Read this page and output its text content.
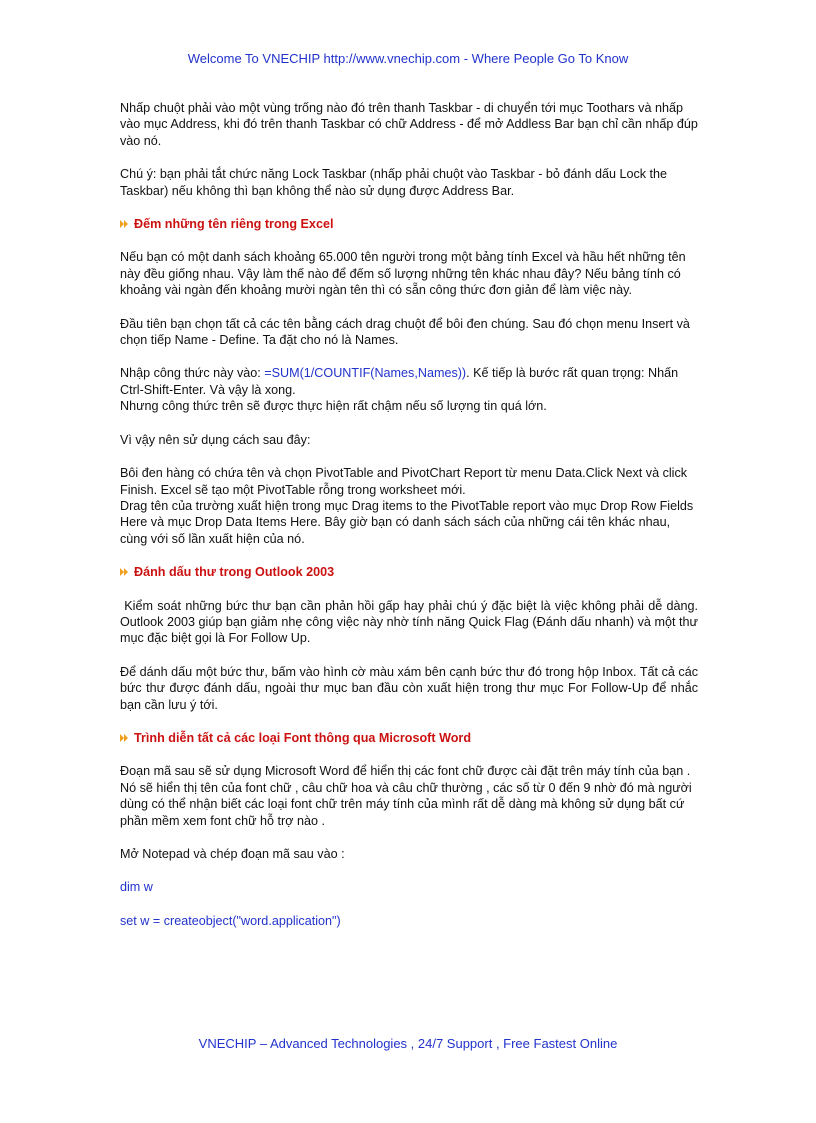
Welcome To VNECHIP http://www.vnechip.com - Where People Go To Know

Nhấp chuột phải vào một vùng trống nào đó trên thanh Taskbar - di chuyển tới mục Toothars và nhấp vào mục Address, khi đó trên thanh Taskbar có chữ Address - để mở Addless Bar bạn chỉ cần nhấp đúp vào nó.

Chú ý: bạn phải tắt chức năng Lock Taskbar (nhấp phải chuột vào Taskbar - bỏ đánh dấu Lock the Taskbar) nếu không thì bạn không thể nào sử dụng được Address Bar.

Đếm những tên riêng trong Excel

Nếu bạn có một danh sách khoảng 65.000 tên người trong một bảng tính Excel và hầu hết những tên này đều giống nhau. Vậy làm thế nào để đếm số lượng những tên khác nhau đây? Nếu bảng tính có khoảng vài ngàn đến khoảng mười ngàn tên thì có sẵn công thức đơn giản để làm việc này.

Đầu tiên bạn chọn tất cả các tên bằng cách drag chuột để bôi đen chúng. Sau đó chọn menu Insert và chọn tiếp Name - Define. Ta đặt cho nó là Names.

Nhập công thức này vào: =SUM(1/COUNTIF(Names,Names)). Kế tiếp là bước rất quan trọng: Nhấn Ctrl-Shift-Enter. Và vậy là xong.
Nhưng công thức trên sẽ được thực hiện rất chậm nếu số lượng tin quá lớn.

Vì vậy nên sử dụng cách sau đây:

Bôi đen hàng có chứa tên và chọn PivotTable and PivotChart Report từ menu Data.Click Next và click Finish. Excel sẽ tạo một PivotTable rỗng trong worksheet mới.
Drag tên của trường xuất hiện trong mục Drag items to the PivotTable report vào mục Drop Row Fields Here và mục Drop Data Items Here. Bây giờ bạn có danh sách sách của những cái tên khác nhau, cùng với số lần xuất hiện của nó.

Đánh dấu thư trong Outlook 2003

Kiểm soát những bức thư bạn cần phản hồi gấp hay phải chú ý đặc biệt là việc không phải dễ dàng. Outlook 2003 giúp bạn giảm nhẹ công việc này nhờ tính năng Quick Flag (Đánh dấu nhanh) và một thư mục đặc biệt gọi là For Follow Up.

Để dánh dấu một bức thư, bấm vào hình cờ màu xám bên cạnh bức thư đó trong hộp Inbox. Tất cả các bức thư được đánh dấu, ngoài thư mục ban đầu còn xuất hiện trong thư mục For Follow-Up để nhắc bạn cần lưu ý tới.

Trình diễn tất cả các loại Font thông qua Microsoft Word

Đoạn mã sau sẽ sử dụng Microsoft Word để hiển thị các font chữ được cài đặt trên máy tính của bạn .
Nó sẽ hiển thị tên của font chữ , câu chữ hoa và câu chữ thường , các số từ 0 đến 9 nhờ đó mà người dùng có thể nhận biết các loại font chữ trên máy tính của mình rất dễ dàng mà không sử dụng bất cứ phần mềm xem font chữ hỗ trợ nào .

Mở Notepad và chép đoạn mã sau vào :

dim w

set w = createobject("word.application")

VNECHIP – Advanced Technologies , 24/7 Support , Free Fastest Online
